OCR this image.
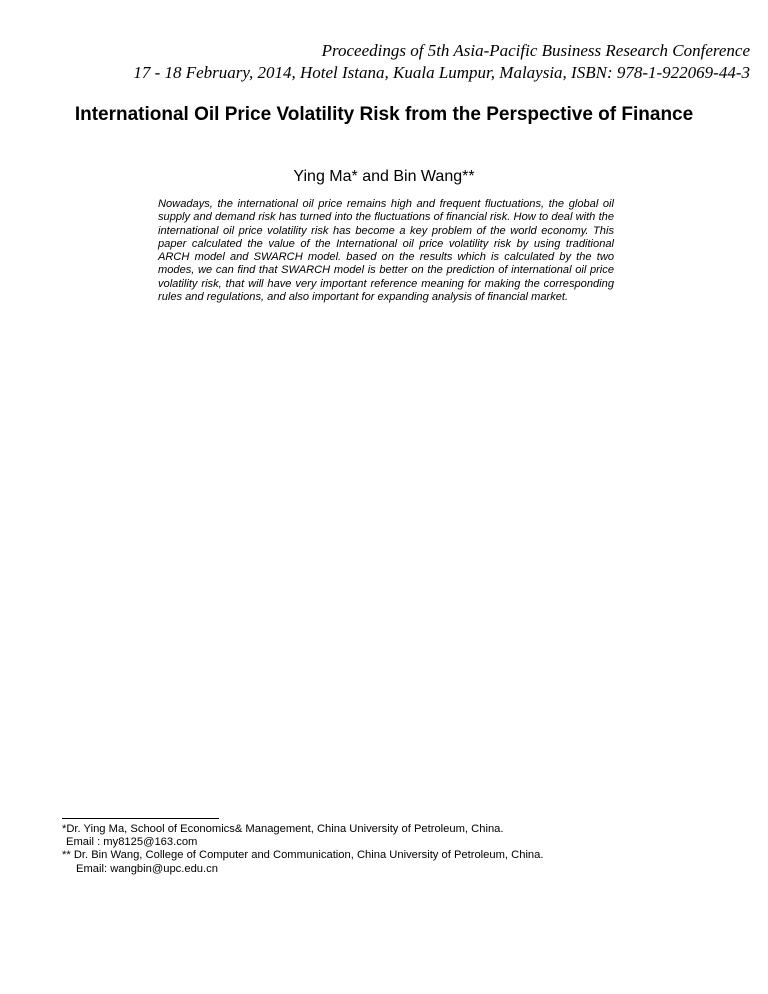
Proceedings of 5th Asia-Pacific Business Research Conference
17 - 18 February, 2014, Hotel Istana, Kuala Lumpur, Malaysia, ISBN: 978-1-922069-44-3
International Oil Price Volatility Risk from the Perspective of Finance
Ying Ma* and Bin Wang**

Nowadays, the international oil price remains high and frequent fluctuations, the global oil supply and demand risk has turned into the fluctuations of financial risk. How to deal with the international oil price volatility risk has become a key problem of the world economy. This paper calculated the value of the International oil price volatility risk by using traditional ARCH model and SWARCH model. based on the results which is calculated by the two modes, we can find that SWARCH model is better on the prediction of international oil price volatility risk, that will have very important reference meaning for making the corresponding rules and regulations, and also important for expanding analysis of financial market.

*Dr. Ying Ma, School of Economics& Management, China University of Petroleum, China.
Email : my8125@163.com
** Dr. Bin Wang, College of Computer and Communication, China University of Petroleum, China.
Email: wangbin@upc.edu.cn
